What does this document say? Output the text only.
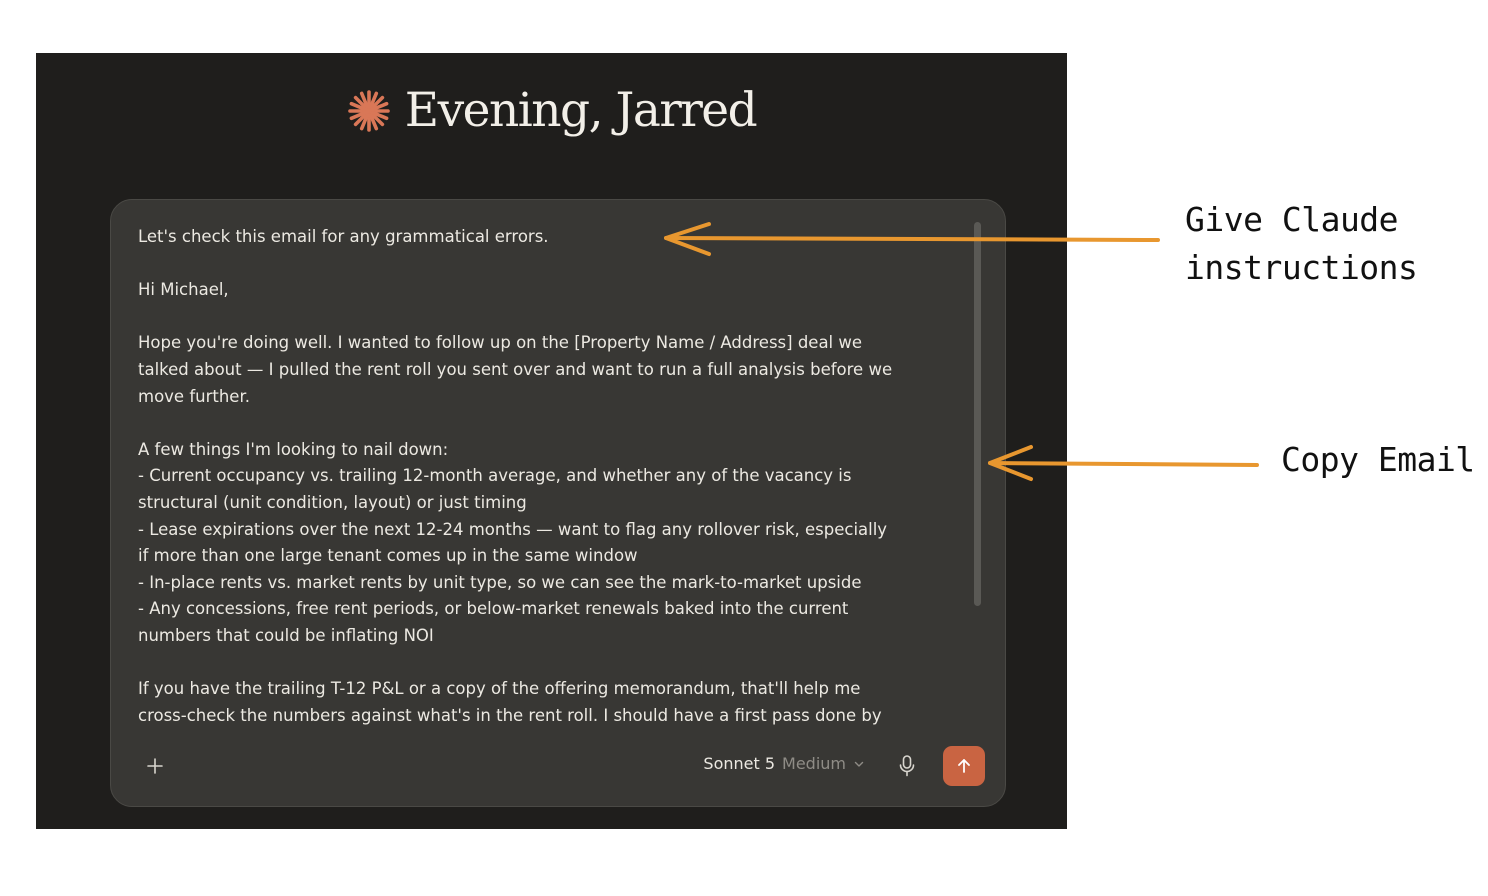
Evening, Jarred

Let's check this email for any grammatical errors.

Hi Michael,

Hope you're doing well. I wanted to follow up on the [Property Name / Address] deal we

talked about — I pulled the rent roll you sent over and want to run a full analysis before we

move further.

A few things I'm looking to nail down:

- Current occupancy vs. trailing 12-month average, and whether any of the vacancy is

structural (unit condition, layout) or just timing

- Lease expirations over the next 12-24 months — want to flag any rollover risk, especially

if more than one large tenant comes up in the same window

- In-place rents vs. market rents by unit type, so we can see the mark-to-market upside

- Any concessions, free rent periods, or below-market renewals baked into the current

numbers that could be inflating NOI

If you have the trailing T-12 P&L or a copy of the offering memorandum, that'll help me

cross-check the numbers against what's in the rent roll. I should have a first pass done by

Sonnet 5 Medium
Give Claude
instructions
Copy Email
